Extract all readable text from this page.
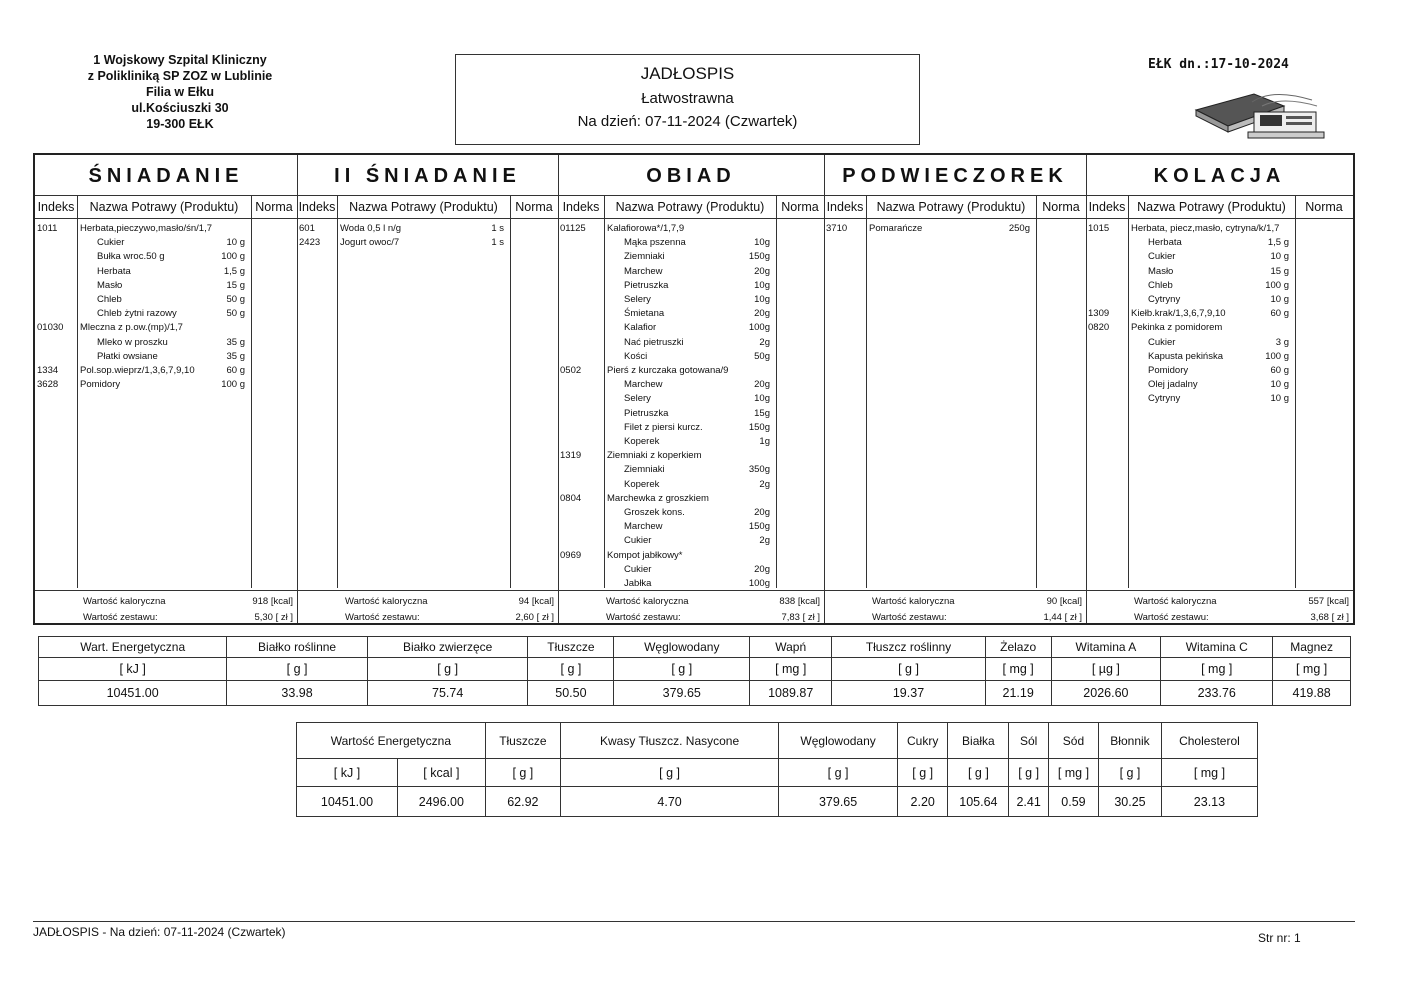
1 Wojskowy Szpital Kliniczny
z Polikliniką SP ZOZ w Lublinie
Filia w Ełku
ul.Kościuszki 30
19-300 EŁK
JADŁOSPIS
Łatwostrawna
Na dzień: 07-11-2024 (Czwartek)
EŁK dn.:17-10-2024
ŚNIADANIE
Indeks	Nazwa Potrawy (Produktu)	Norma
1011 Herbata,pieczywo,masło/śn/1,7
Cukier	10 g
Bułka wroc.50 g	100 g
Herbata	1,5 g
Masło	15 g
Chleb	50 g
Chleb żytni razowy	50 g
01030 Mleczna z p.ow.(mp)/1,7
Mleko w proszku	35 g
Płatki owsiane	35 g
1334 Pol.sop.wieprz/1,3,6,7,9,10	60 g
3628 Pomidory	100 g
Wartość kaloryczna	918 [kcal]
Wartość zestawu:	5,30 [ zł ]
II ŚNIADANIE
Indeks	Nazwa Potrawy (Produktu)	Norma
601	Woda 0,5 l n/g	1 s
2423 Jogurt owoc/7	1 s
Wartość kaloryczna	94 [kcal]
Wartość zestawu:	2,60 [ zł ]
OBIAD
Indeks	Nazwa Potrawy (Produktu)	Norma
01125 Kalafiorowa*/1,7,9
Mąka pszenna	10g
Ziemniaki	150g
Marchew	20g
Pietruszka	10g
Selery	10g
Śmietana	20g
Kalafior	100g
Nać pietruszki	2g
Kości	50g
0502	Pierś z kurczaka gotowana/9
Marchew	20g
Selery	10g
Pietruszka	15g
Filet z piersi kurcz.	150g
Koperek	1g
1319	Ziemniaki z koperkiem
Ziemniaki	350g
Koperek	2g
0804	Marchewka z groszkiem
Groszek kons.	20g
Marchew	150g
Cukier	2g
0969	Kompot jabłkowy*
Cukier	20g
Jabłka	100g
Wartość kaloryczna	838 [kcal]
Wartość zestawu:	7,83 [ zł ]
PODWIECZOREK
Indeks	Nazwa Potrawy (Produktu)	Norma
3710 Pomarańcze	250g
Wartość kaloryczna	90 [kcal]
Wartość zestawu:	1,44 [ zł ]
KOLACJA
Indeks Nazwa Potrawy (Produktu)	Norma
1015 Herbata, piecz,masło, cytryna/k/1,7
Herbata	1,5 g
Cukier	10 g
Masło	15 g
Chleb	100 g
Cytryny	10 g
1309 Kiełb.krak/1,3,6,7,9,10	60 g
0820 Pekinka z pomidorem
Cukier	3 g
Kapusta pekińska	100 g
Pomidory	60 g
Olej jadalny	10 g
Cytryny	10 g
Wartość kaloryczna	557 [kcal]
Wartość zestawu:	3,68 [ zł ]
Wart. Energetyczna	Białko roślinne	Białko zwierzęce	Tłuszcze	Węglowodany	Wapń	Tłuszcz roślinny	Żelazo	Witamina A	Witamina C	Magnez
[ kJ ]	[ g ]	[ g ]	[ g ]	[ g ]	[ mg ]	[ g ]	[ mg ]	[ µg ]	[ mg ]	[ mg ]
10451.00	33.98	75.74	50.50	379.65	1089.87	19.37	21.19	2026.60	233.76	419.88
Wartość Energetyczna		Tłuszcze	Kwasy Tłuszcz. Nasycone	Węglowodany	Cukry	Białka	Sól	Sód	Błonnik	Cholesterol
[ kJ ]	[ kcal ]	[ g ]	[ g ]	[ g ]	[ g ]	[ g ]	[ g ]	[ mg ]	[ g ]	[ mg ]
10451.00	2496.00	62.92	4.70	379.65	2.20	105.64	2.41	0.59	30.25	23.13
JADŁOSPIS - Na dzień: 07-11-2024 (Czwartek)	Str nr: 1
